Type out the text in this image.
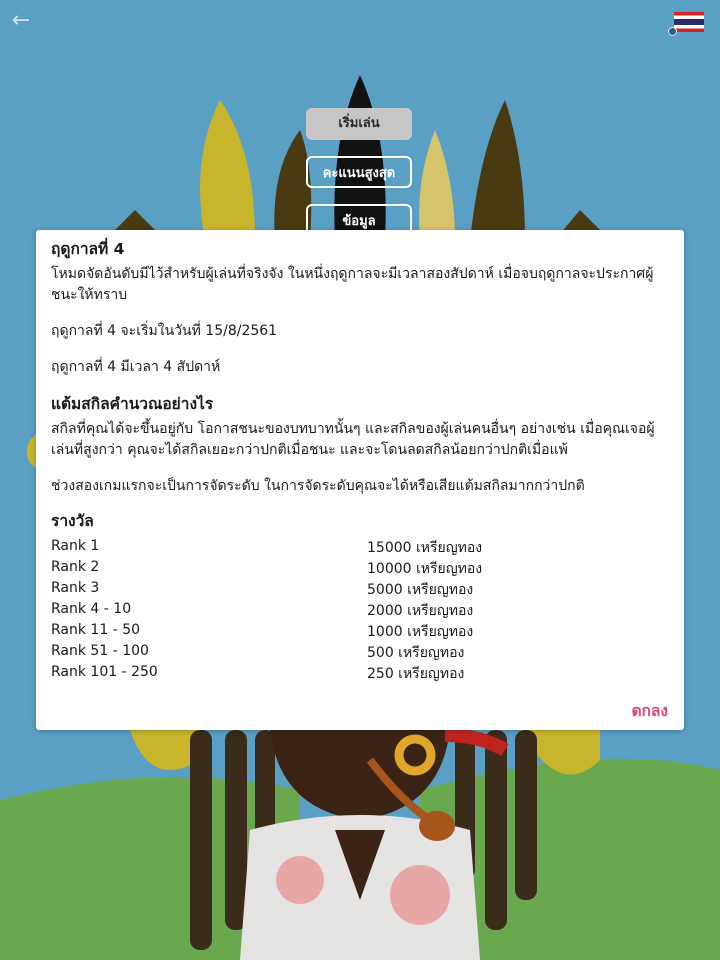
←
เริ่มเล่น
คะแนนสูงสุด
ข้อมูล
ฤดูกาลที่ 4

โหมดจัดอันดับมีไว้สำหรับผู้เล่นที่จริงจัง ในหนึ่งฤดูกาลจะมีเวลาสองสัปดาห์ เมื่อจบฤดูกาลจะประกาศผู้ชนะให้ทราบ

ฤดูกาลที่ 4 จะเริ่มในวันที่ 15/8/2561

ฤดูกาลที่ 4 มีเวลา 4 สัปดาห์

แต้มสกิลคำนวณอย่างไร

สกิลที่คุณได้จะขึ้นอยู่กับ โอกาสชนะของบทบาทนั้นๆ และสกิลของผู้เล่นคนอื่นๆ อย่างเช่น เมื่อคุณเจอผู้เล่นที่สูงกว่า คุณจะได้สกิลเยอะกว่าปกติเมื่อชนะ และจะโดนลดสกิลน้อยกว่าปกติเมื่อแพ้

ช่วงสองเกมแรกจะเป็นการจัดระดับ ในการจัดระดับคุณจะได้หรือเสียแต้มสกิลมากกว่าปกติ

รางวัล
Rank 1
Rank 2
Rank 3
Rank 4 - 10
Rank 11 - 50
Rank 51 - 100
Rank 101 - 250
15000 เหรียญทอง
10000 เหรียญทอง
5000 เหรียญทอง
2000 เหรียญทอง
1000 เหรียญทอง
500 เหรียญทอง
250 เหรียญทอง
ตกลง
